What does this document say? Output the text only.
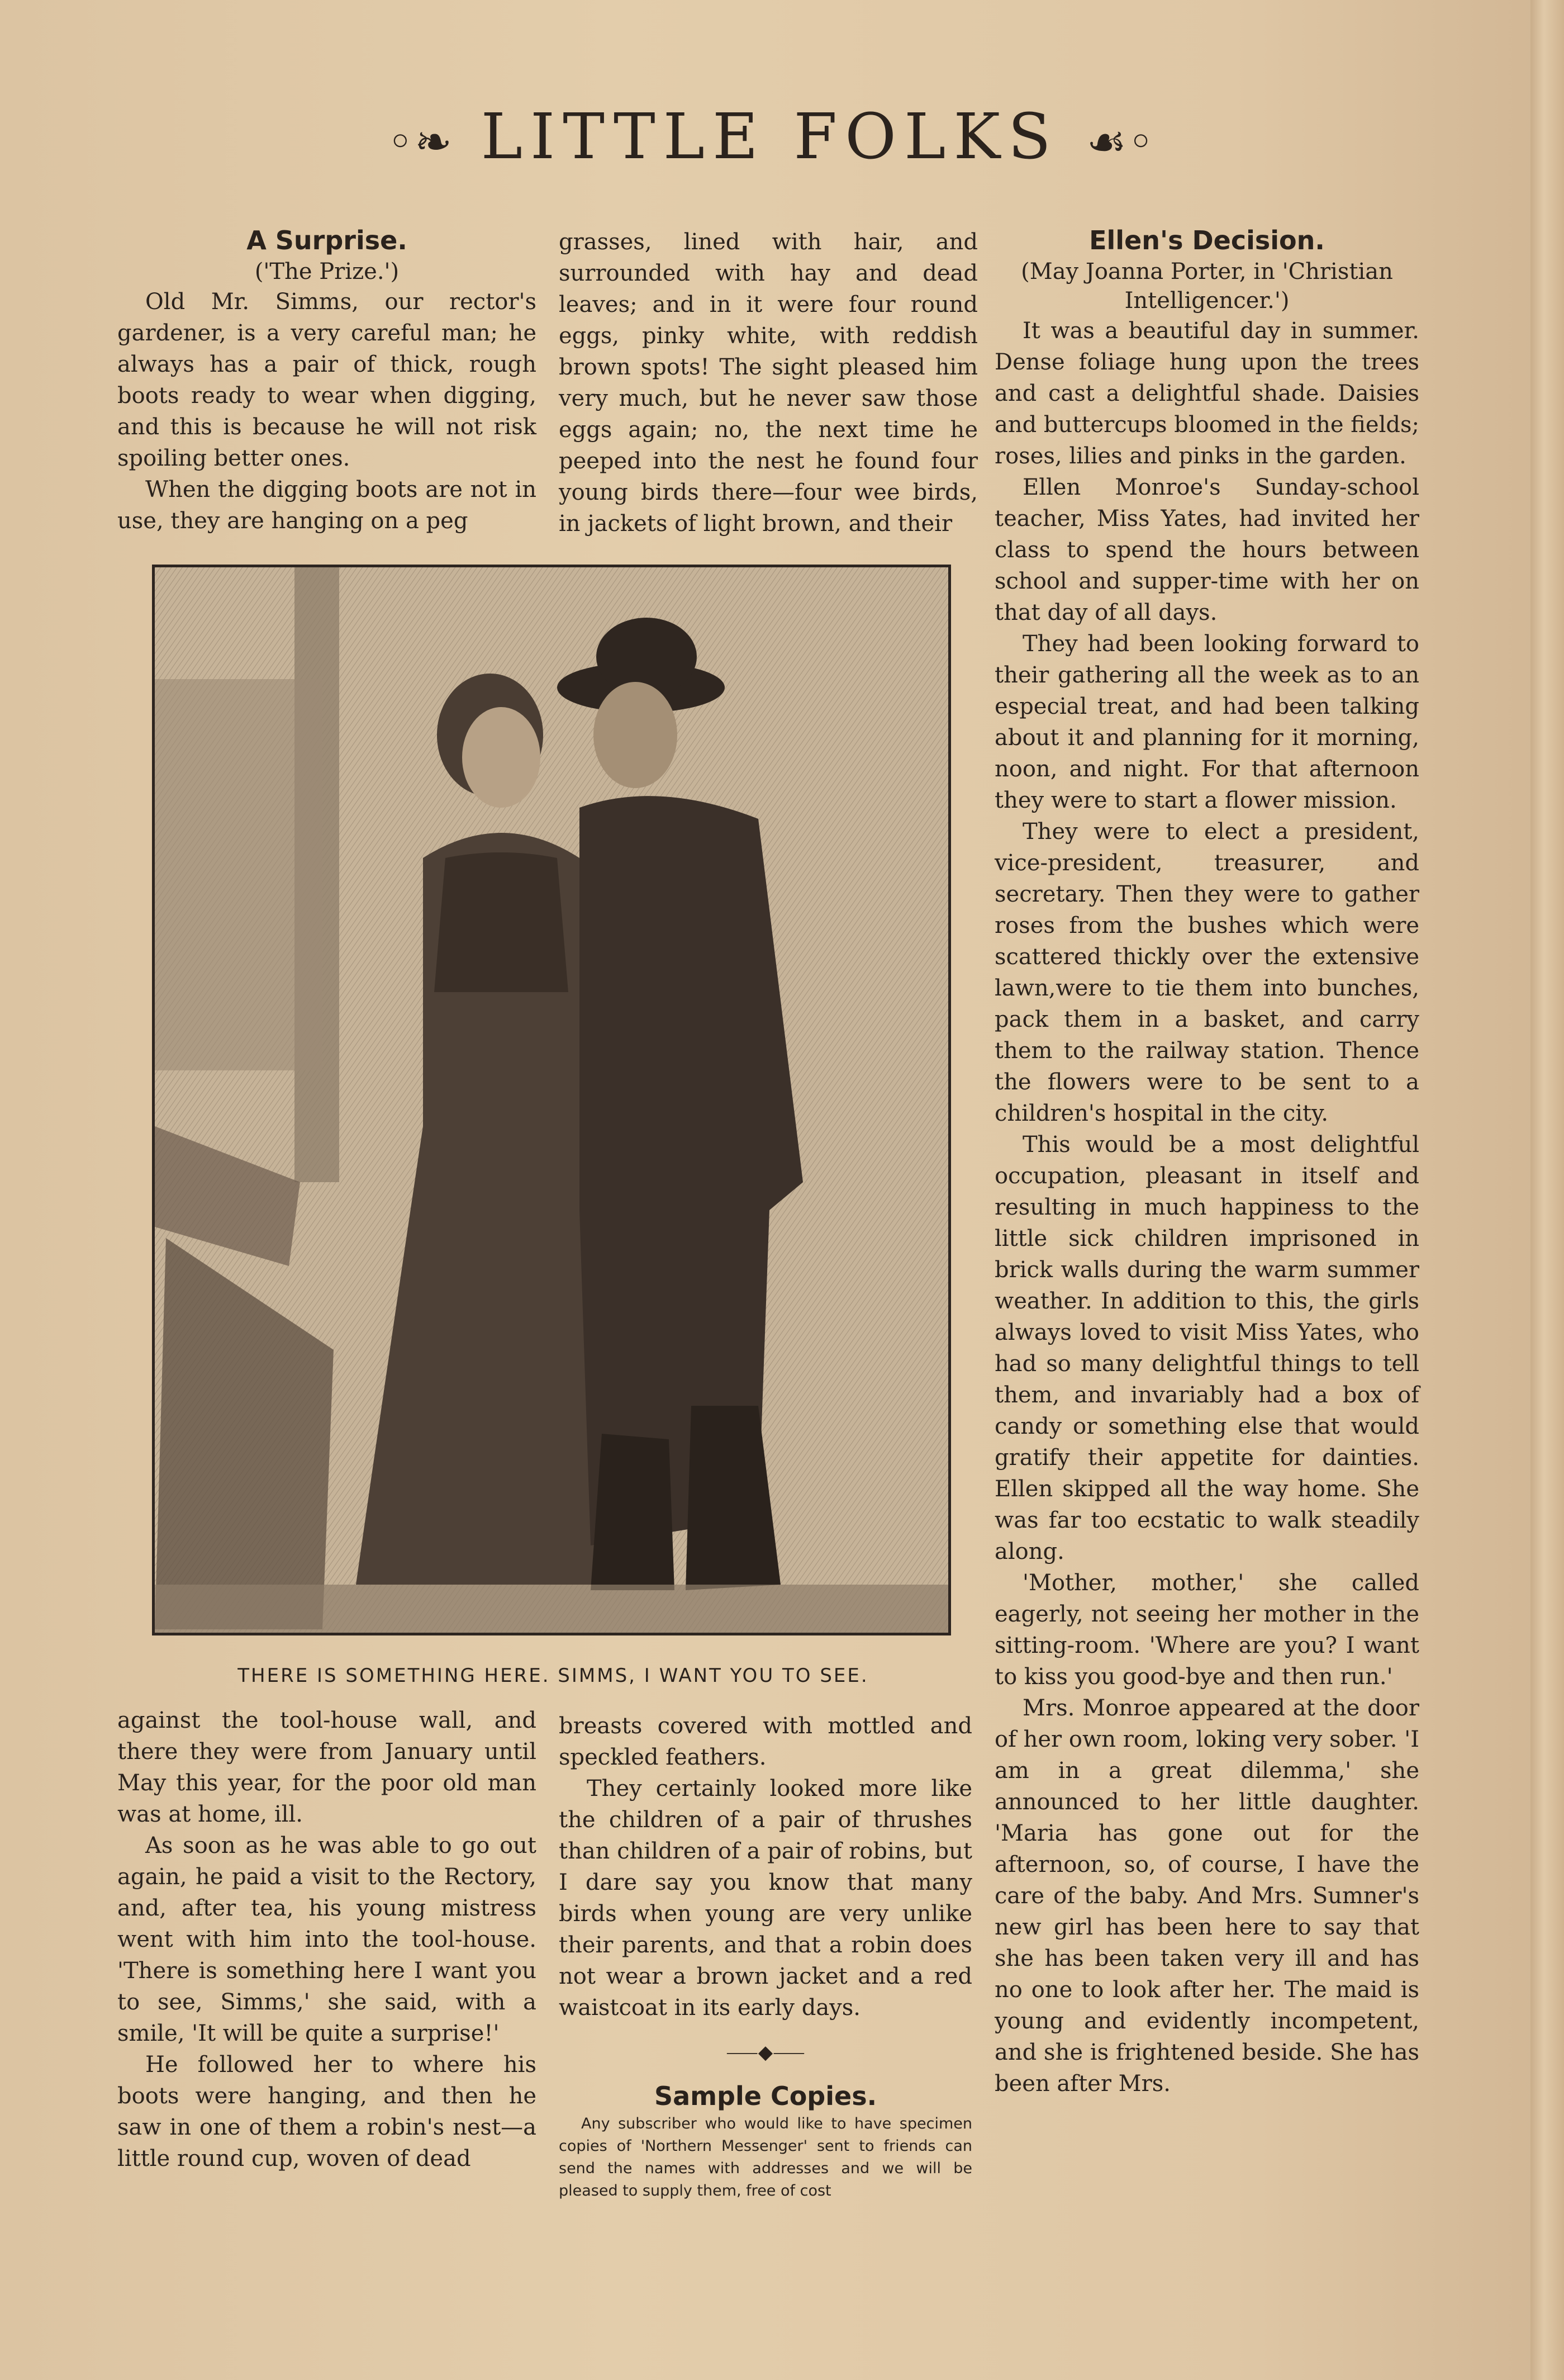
◦❧ LITTLE FOLKS ☙◦
A Surprise.
('The Prize.')

Old Mr. Simms, our rector's gardener, is a very careful man; he always has a pair of thick, rough boots ready to wear when digging, and this is because he will not risk spoiling better ones.

When the digging boots are not in use, they are hanging on a peg

grasses, lined with hair, and surrounded with hay and dead leaves; and in it were four round eggs, pinky white, with reddish brown spots! The sight pleased him very much, but he never saw those eggs again; no, the next time he peeped into the nest he found four young birds there—four wee birds, in jackets of light brown, and their

THERE IS SOMETHING HERE. SIMMS, I WANT YOU TO SEE.

against the tool-house wall, and there they were from January until May this year, for the poor old man was at home, ill.

As soon as he was able to go out again, he paid a visit to the Rectory, and, after tea, his young mistress went with him into the tool-house. 'There is something here I want you to see, Simms,' she said, with a smile, 'It will be quite a surprise!'

He followed her to where his boots were hanging, and then he saw in one of them a robin's nest—a little round cup, woven of dead

breasts covered with mottled and speckled feathers.

They certainly looked more like the children of a pair of thrushes than children of a pair of robins, but I dare say you know that many birds when young are very unlike their parents, and that a robin does not wear a brown jacket and a red waistcoat in its early days.

⸺◆⸺
Sample Copies.

Any subscriber who would like to have specimen copies of 'Northern Messenger' sent to friends can send the names with addresses and we will be pleased to supply them, free of cost

Ellen's Decision.
(May Joanna Porter, in 'Christian Intelligencer.')

It was a beautiful day in summer. Dense foliage hung upon the trees and cast a delightful shade. Daisies and buttercups bloomed in the fields; roses, lilies and pinks in the garden.

Ellen Monroe's Sunday-school teacher, Miss Yates, had invited her class to spend the hours between school and supper-time with her on that day of all days.

They had been looking forward to their gathering all the week as to an especial treat, and had been talking about it and planning for it morning, noon, and night. For that afternoon they were to start a flower mission.

They were to elect a president, vice-president, treasurer, and secretary. Then they were to gather roses from the bushes which were scattered thickly over the extensive lawn,were to tie them into bunches, pack them in a basket, and carry them to the railway station. Thence the flowers were to be sent to a children's hospital in the city.

This would be a most delightful occupation, pleasant in itself and resulting in much happiness to the little sick children imprisoned in brick walls during the warm summer weather. In addition to this, the girls always loved to visit Miss Yates, who had so many delightful things to tell them, and invariably had a box of candy or something else that would gratify their appetite for dainties. Ellen skipped all the way home. She was far too ecstatic to walk steadily along.

'Mother, mother,' she called eagerly, not seeing her mother in the sitting-room. 'Where are you? I want to kiss you good-bye and then run.'

Mrs. Monroe appeared at the door of her own room, loking very sober. 'I am in a great dilemma,' she announced to her little daughter. 'Maria has gone out for the afternoon, so, of course, I have the care of the baby. And Mrs. Sumner's new girl has been here to say that she has been taken very ill and has no one to look after her. The maid is young and evidently incompetent, and she is frightened beside. She has been after Mrs.
